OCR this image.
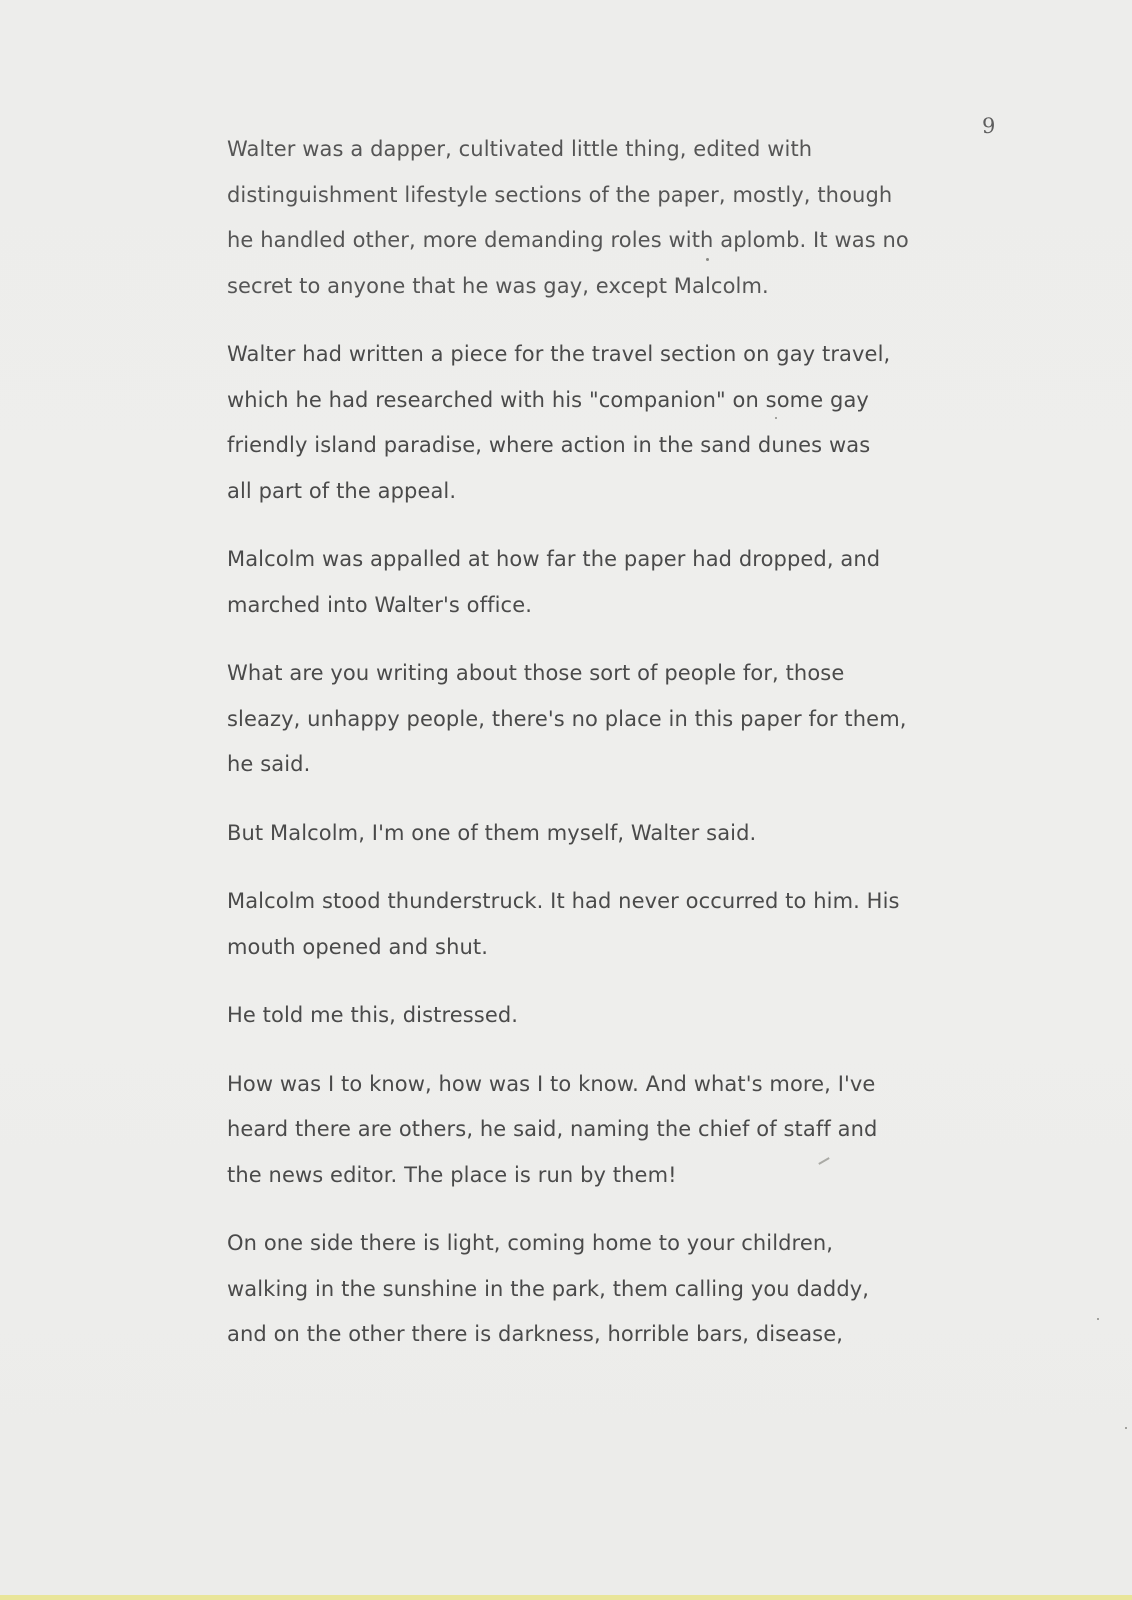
9

Walter was a dapper, cultivated little thing, edited with
distinguishment lifestyle sections of the paper, mostly, though
he handled other, more demanding roles with aplomb. It was no
secret to anyone that he was gay, except Malcolm.

Walter had written a piece for the travel section on gay travel,
which he had researched with his "companion" on some gay
friendly island paradise, where action in the sand dunes was
all part of the appeal.

Malcolm was appalled at how far the paper had dropped, and
marched into Walter's office.

What are you writing about those sort of people for, those
sleazy, unhappy people, there's no place in this paper for them,
he said.

But Malcolm, I'm one of them myself, Walter said.

Malcolm stood thunderstruck. It had never occurred to him. His
mouth opened and shut.

He told me this, distressed.

How was I to know, how was I to know. And what's more, I've
heard there are others, he said, naming the chief of staff and
the news editor. The place is run by them!

On one side there is light, coming home to your children,
walking in the sunshine in the park, them calling you daddy,
and on the other there is darkness, horrible bars, disease,
